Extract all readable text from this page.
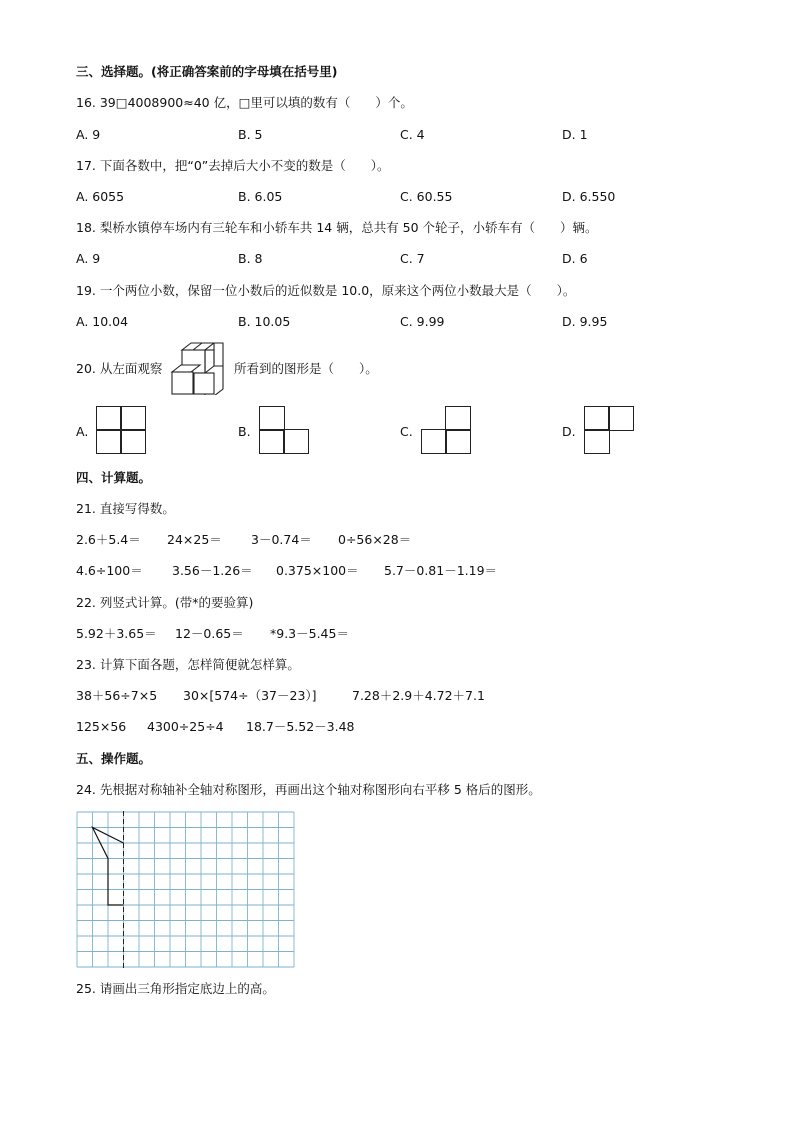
三、选择题。(将正确答案前的字母填在括号里)
16. 39□4008900≈40 亿，□里可以填的数有（　　）个。
A. 9	B. 5	C. 4	D. 1
17. 下面各数中，把“0”去掉后大小不变的数是（　　）。
A. 6055	B. 6.05	C. 60.55	D. 6.550
18. 梨桥水镇停车场内有三轮车和小轿车共 14 辆，总共有 50 个轮子，小轿车有（　　）辆。
A. 9	B. 8	C. 7	D. 6
19. 一个两位小数，保留一位小数后的近似数是 10.0，原来这个两位小数最大是（　　）。
A. 10.04	B. 10.05	C. 9.99	D. 9.95
20. 从左面观察	所看到的图形是（　　）。
A.	B.	C.	D.
四、计算题。
21. 直接写得数。
2.6＋5.4＝ 24×25＝ 3－0.74＝ 0÷56×28＝
4.6÷100＝ 3.56－1.26＝ 0.375×100＝ 5.7－0.81－1.19＝
22. 列竖式计算。(带*的要验算)
5.92＋3.65＝ 12－0.65＝ *9.3－5.45＝
23. 计算下面各题，怎样简便就怎样算。
38＋56÷7×5 30×[574÷（37－23）]	7.28＋2.9＋4.72＋7.1
125×56 4300÷25÷4 18.7－5.52－3.48
五、操作题。
24. 先根据对称轴补全轴对称图形，再画出这个轴对称图形向右平移 5 格后的图形。
25. 请画出三角形指定底边上的高。
